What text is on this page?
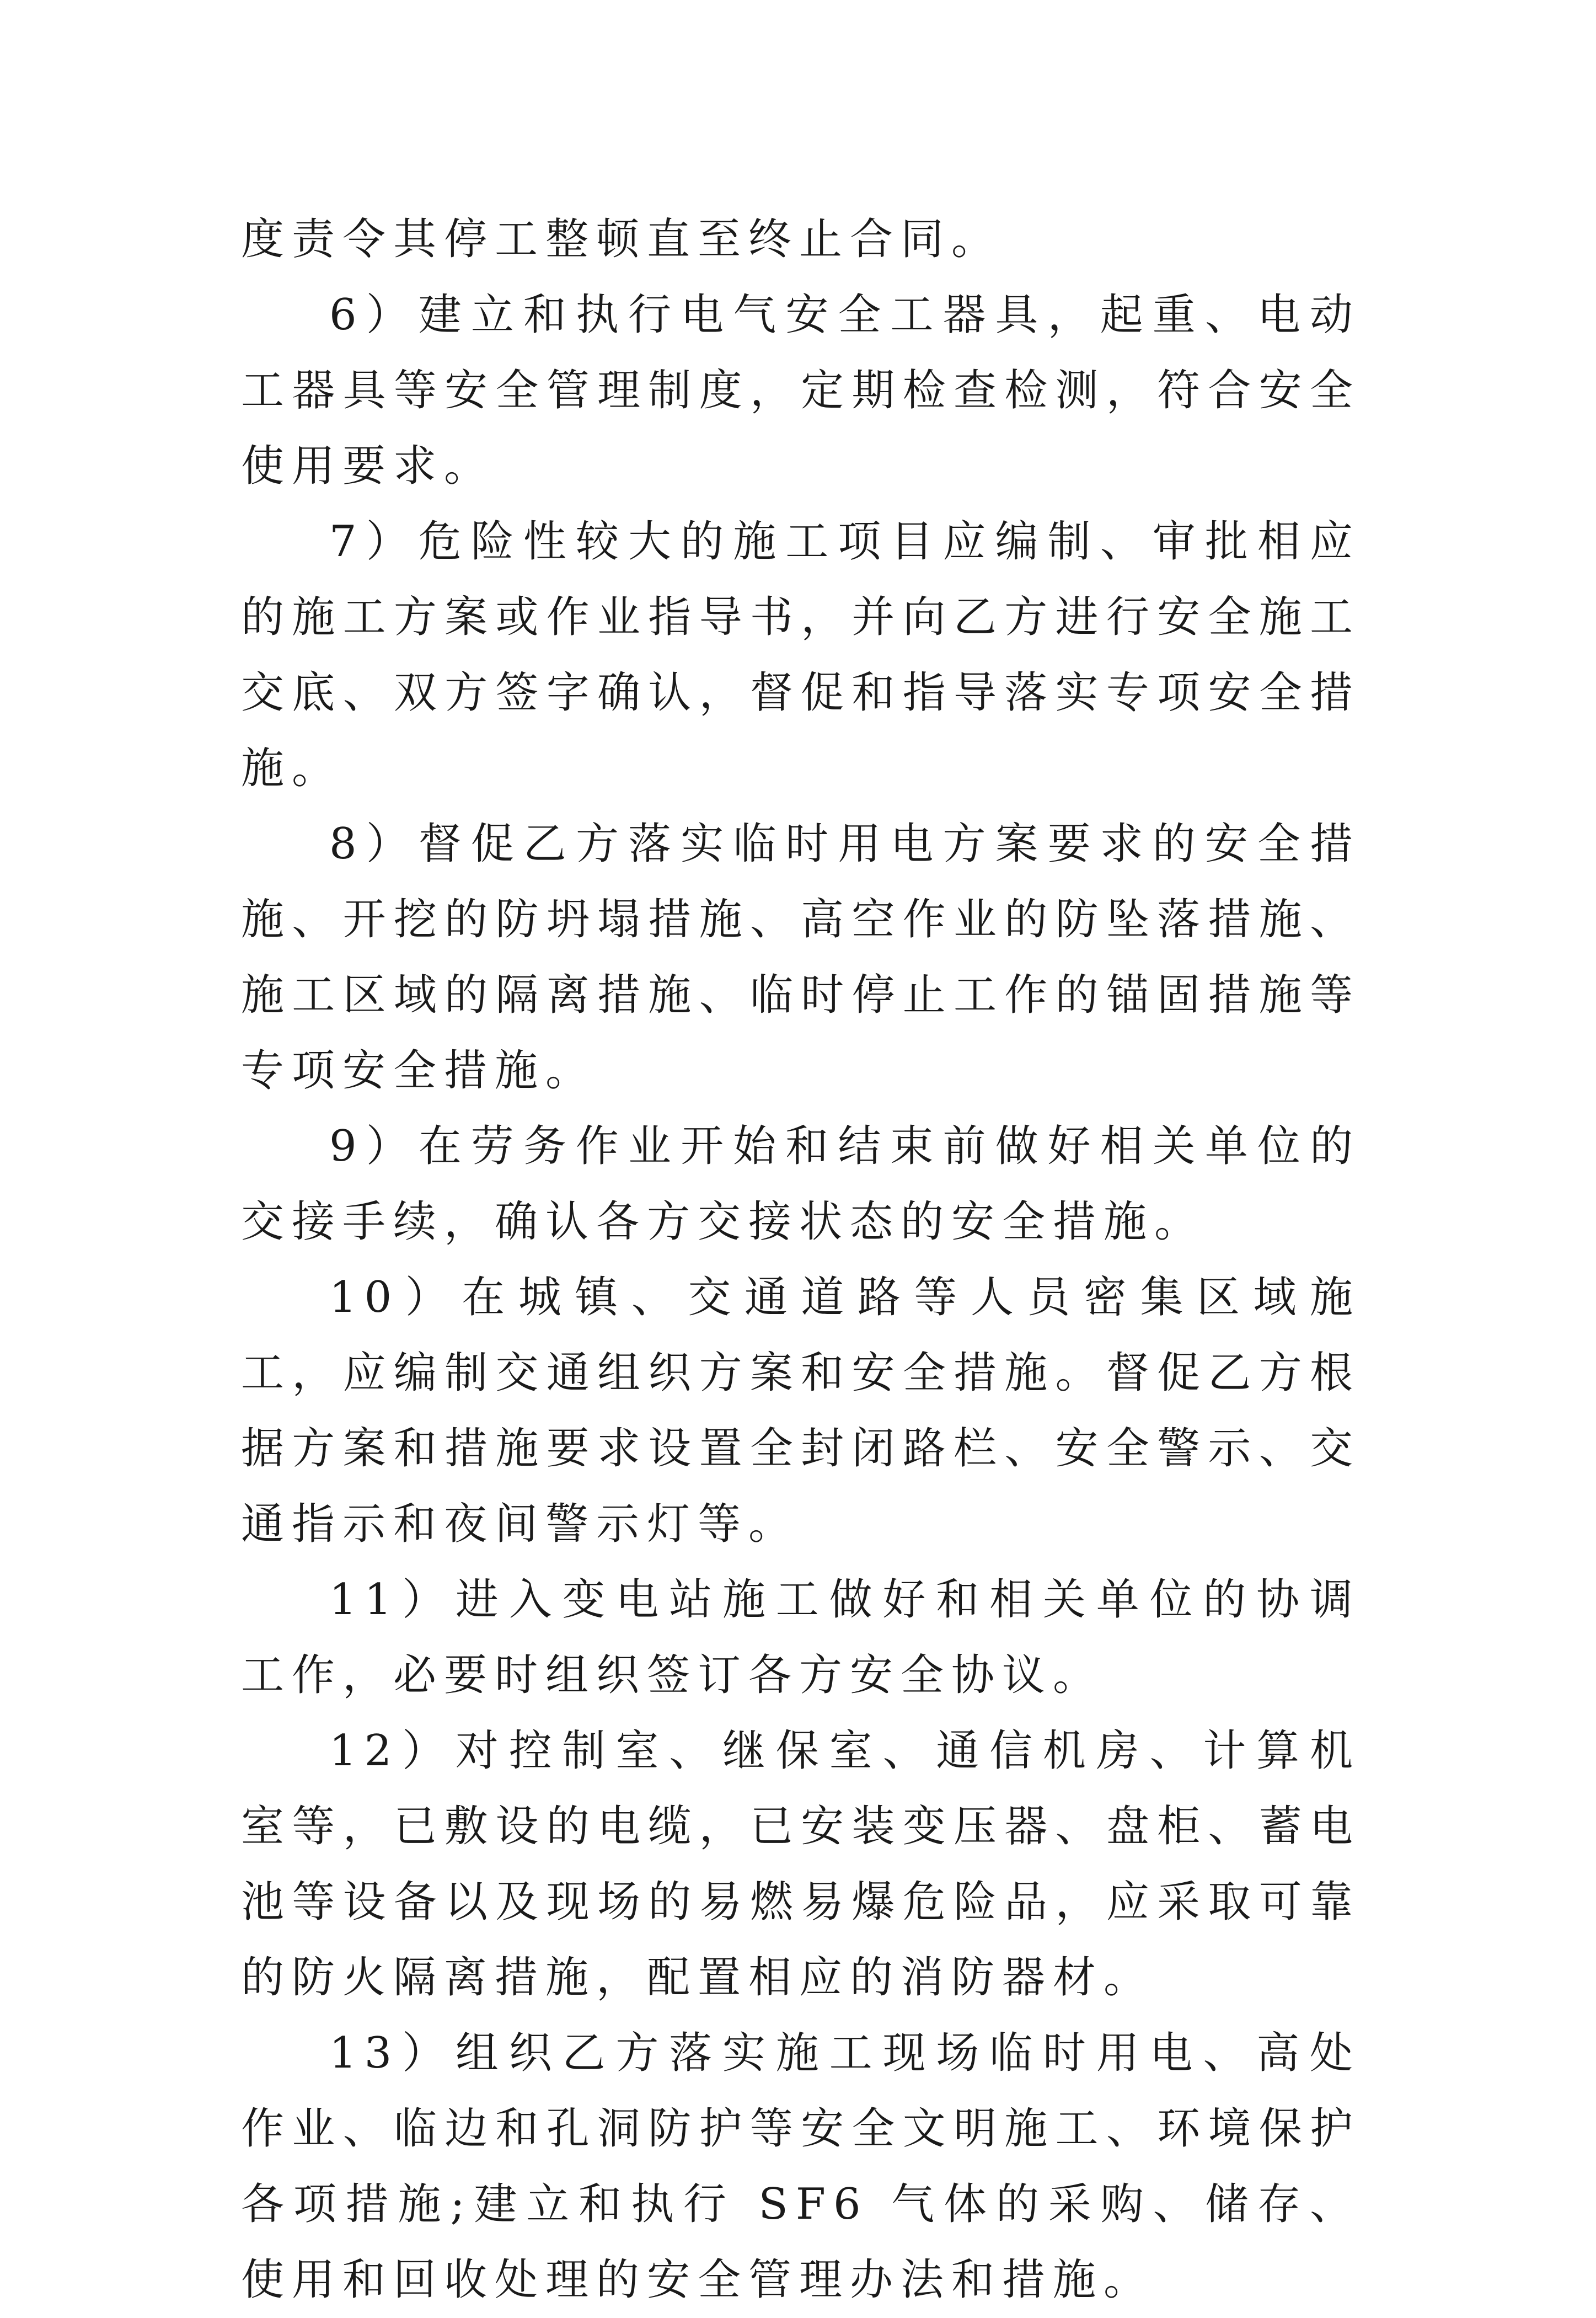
度责令其停工整顿直至终止合同。

6）建立和执行电气安全工器具，起重、电动工器具等安全管理制度，定期检查检测，符合安全使用要求。

7）危险性较大的施工项目应编制、审批相应的施工方案或作业指导书，并向乙方进行安全施工交底、双方签字确认，督促和指导落实专项安全措施。

8）督促乙方落实临时用电方案要求的安全措施、开挖的防坍塌措施、高空作业的防坠落措施、施工区域的隔离措施、临时停止工作的锚固措施等专项安全措施。

9）在劳务作业开始和结束前做好相关单位的交接手续，确认各方交接状态的安全措施。

10）在城镇、交通道路等人员密集区域施工，应编制交通组织方案和安全措施。督促乙方根据方案和措施要求设置全封闭路栏、安全警示、交通指示和夜间警示灯等。

11）进入变电站施工做好和相关单位的协调工作，必要时组织签订各方安全协议。

12）对控制室、继保室、通信机房、计算机室等，已敷设的电缆，已安装变压器、盘柜、蓄电池等设备以及现场的易燃易爆危险品，应采取可靠的防火隔离措施，配置相应的消防器材。

13）组织乙方落实施工现场临时用电、高处作业、临边和孔洞防护等安全文明施工、环境保护各项措施;建立和执行 SF6 气体的采购、储存、使用和回收处理的安全管理办法和措施。
